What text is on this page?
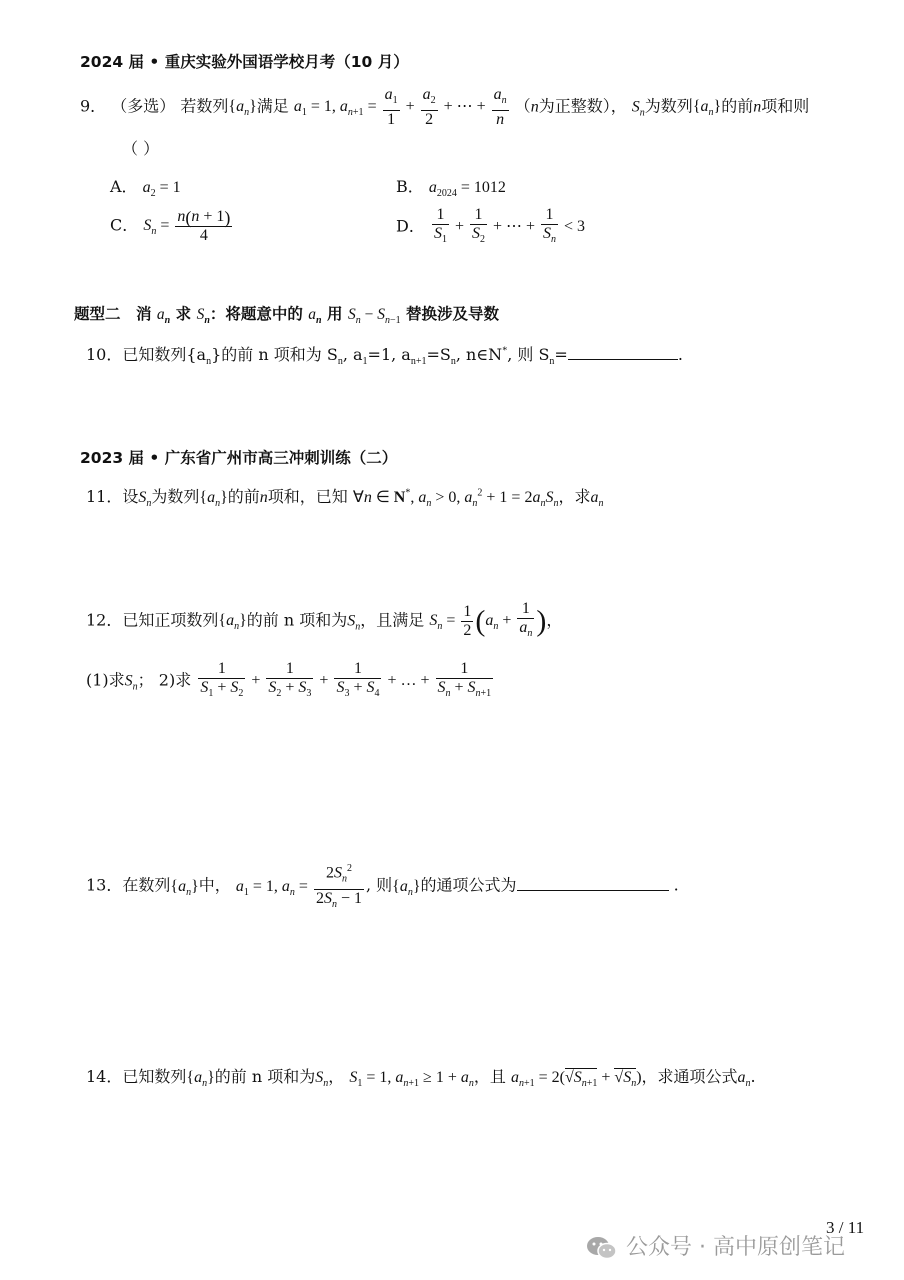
2024 届 • 重庆实验外国语学校月考（10 月）
9． （多选） 若数列$\{a_n\}$满足 $a_1 = 1$, $a_{n+1} = \frac{a_1}{1} + \frac{a_2}{2}$ + ⋯ + $\frac{a_n}{n} (n$为正整数）， $S_n$为数列$\{a_n\}$的前n项和则
（ ）
A． $a_2 = 1$	B． $a_{2024} = 1012$
C． $S_n = \frac{n(n + 1)}{4}$	D． $\frac{1}{S_1} + \frac{1}{S_2}$ + ⋯ + $\frac{1}{S_n} < 3$
题型二　消 $a_n$ 求 $S_n$：将题意中的 $a_n$ 用 $S_n - S_{n-1}$ 替换涉及导数
10．已知数列$\{a_n\}$的前 n 项和为 $S_n$, $a_1=1$, $a_{n+1}=S_n$, n∈N*, 则 $S_n=$	.
2023 届 • 广东省广州市高三冲刺训练（二）
11．设$S_n$为数列$\{a_n\}$的前n项和，已知 ∀n ∈ N*, $a_n > 0$, $a_n^2 + 1 = 2a_nS_n$，求$a_n$
12．已知正项数列$\{a_n\}$的前 n 项和为$S_n$，且满足 $S_n = \frac{1}{2} (a_n + \frac{1}{a_n}$ )，
(1)求$S_n$； 2)求 $\frac{1}{S_1 + S_2} + \frac{1}{S_2 + S_3} + \frac{1}{S_3 + S_4}$ + … + $\frac{1}{S_n + S_{n+1}}$
13．在数列$\{a_n\}$中， $a_1 = 1$, $a_n = \frac{2S_n^2}{2S_n - 1}$ , 则$\{a_n\}$的通项公式为	.
14．已知数列$\{a_n\}$的前 n 项和为$S_n$， $S_1 = 1$, $a_{n+1} \ge 1 + a_n$，且 $a_{n+1} = 2(√S_{n+1} + √S_n)$，求通项公式$a_n$.
3 / 11
公众号 · 高中原创笔记
